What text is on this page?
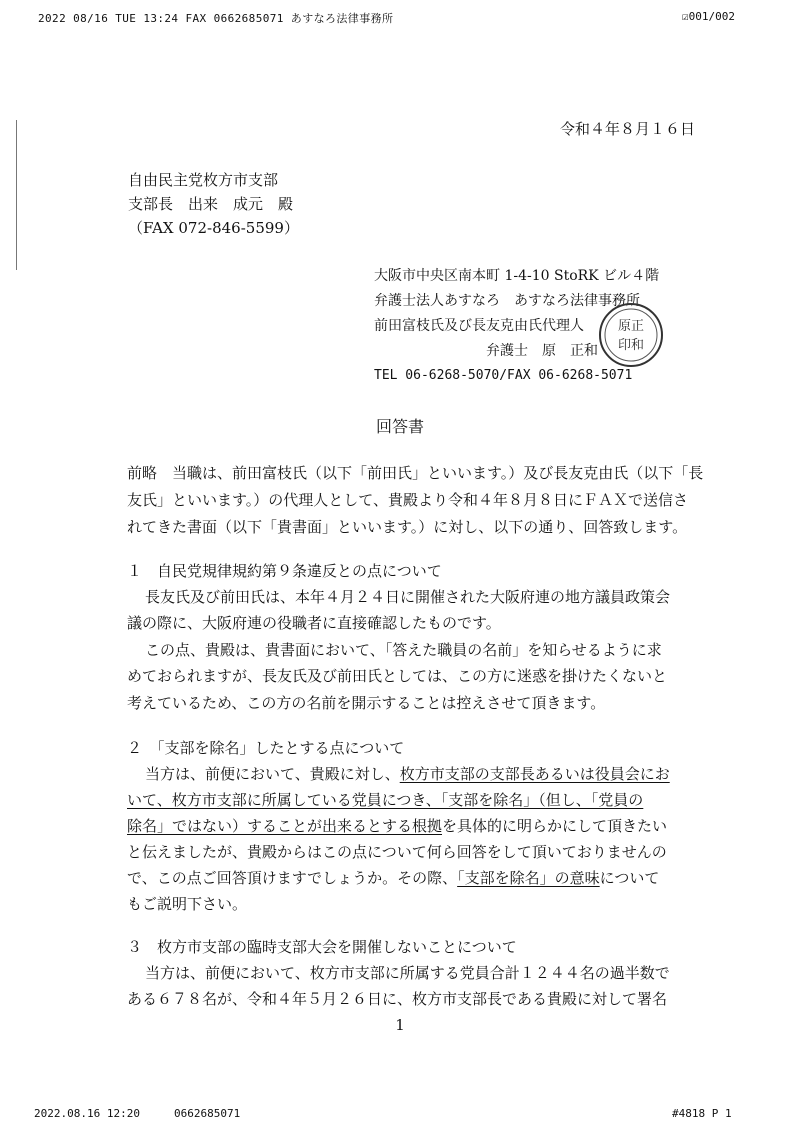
2022 08/16 TUE 13:24 FAX 0662685071 あすなろ法律事務所	☑001/002
令和４年８月１６日
自由民主党枚方市支部
支部長　出来　成元　殿
（FAX 072-846-5599）
大阪市中央区南本町 1-4-10 StoRK ビル４階
弁護士法人あすなろ　あすなろ法律事務所
前田富枝氏及び長友克由氏代理人
弁護士　原　正和
TEL 06-6268-5070/FAX 06-6268-5071
原正
印和
回答書
前略　当職は、前田富枝氏（以下「前田氏」といいます。）及び長友克由氏（以下「長
友氏」といいます。）の代理人として、貴殿より令和４年８月８日にＦＡＸで送信さ
れてきた書面（以下「貴書面」といいます。）に対し、以下の通り、回答致します。
１　自民党規律規約第９条違反との点について
長友氏及び前田氏は、本年４月２４日に開催された大阪府連の地方議員政策会
議の際に、大阪府連の役職者に直接確認したものです。
この点、貴殿は、貴書面において、「答えた職員の名前」を知らせるように求
めておられますが、長友氏及び前田氏としては、この方に迷惑を掛けたくないと
考えているため、この方の名前を開示することは控えさせて頂きます。
２　「支部を除名」したとする点について
当方は、前便において、貴殿に対し、枚方市支部の支部長あるいは役員会にお
いて、枚方市支部に所属している党員につき、「支部を除名」（但し、「党員の
除名」ではない）することが出来るとする根拠を具体的に明らかにして頂きたい
と伝えましたが、貴殿からはこの点について何ら回答をして頂いておりませんの
で、この点ご回答頂けますでしょうか。その際、「支部を除名」の意味について
もご説明下さい。
３　枚方市支部の臨時支部大会を開催しないことについて
当方は、前便において、枚方市支部に所属する党員合計１２４４名の過半数で
ある６７８名が、令和４年５月２６日に、枚方市支部長である貴殿に対して署名
1
2022.08.16 12:20	0662685071	#4818 P 1
